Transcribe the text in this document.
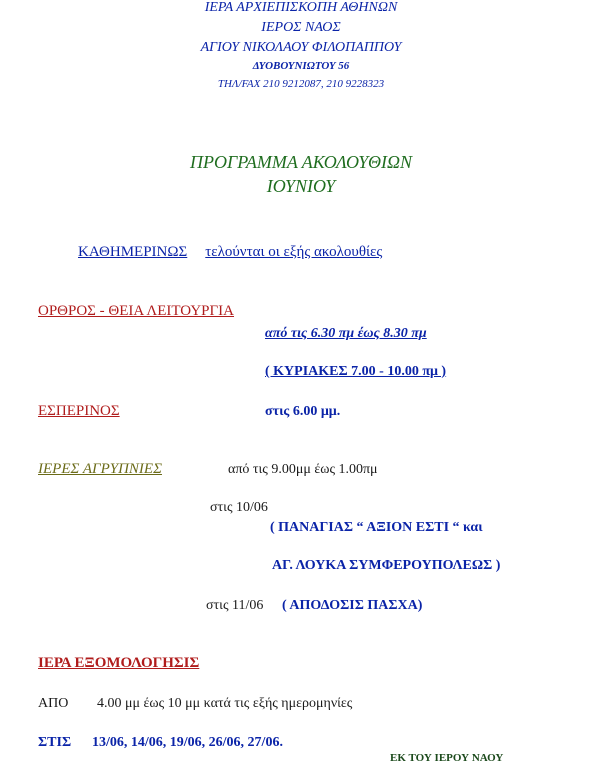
ΙΕΡΑ ΑΡΧΙΕΠΙΣΚΟΠΗ ΑΘΗΝΩΝ

ΙΕΡΟΣ ΝΑΟΣ

ΑΓΙΟΥ ΝΙΚΟΛΑΟΥ ΦΙΛΟΠΑΠΠΟΥ

ΔΥΟΒΟΥΝΙΩΤΟΥ 56

ΤΗΛ/FAX 210 9212087, 210 9228323

ΠΡΟΓΡΑΜΜΑ ΑΚΟΛΟΥΘΙΩΝ

ΙΟΥΝΙΟΥ

ΚΑΘΗΜΕΡΙΝΩΣ τελούνται οι εξής ακολουθίες

ΟΡΘΡΟΣ - ΘΕΙΑ ΛΕΙΤΟΥΡΓΙΑ

από τις 6.30 πμ έως 8.30 πμ

( ΚΥΡΙΑΚΕΣ 7.00 - 10.00 πμ )

ΕΣΠΕΡΙΝΟΣ	στις 6.00 μμ.

ΙΕΡΕΣ ΑΓΡΥΠΝΙΕΣ	από τις 9.00μμ έως 1.00πμ

στις 10/06

( ΠΑΝΑΓΙΑΣ “ ΑΞΙΟΝ ΕΣΤΙ “ και

ΑΓ. ΛΟΥΚΑ ΣΥΜΦΕΡΟΥΠΟΛΕΩΣ )

στις 11/06 ( ΑΠΟΔΟΣΙΣ ΠΑΣΧΑ)

ΙΕΡΑ ΕΞΟΜΟΛΟΓΗΣΙΣ

ΑΠΟ 4.00 μμ έως 10 μμ κατά τις εξής ημερομηνίες

ΣΤΙΣ 13/06, 14/06, 19/06, 26/06, 27/06.

ΕΚ ΤΟΥ ΙΕΡΟΥ ΝΑΟΥ
